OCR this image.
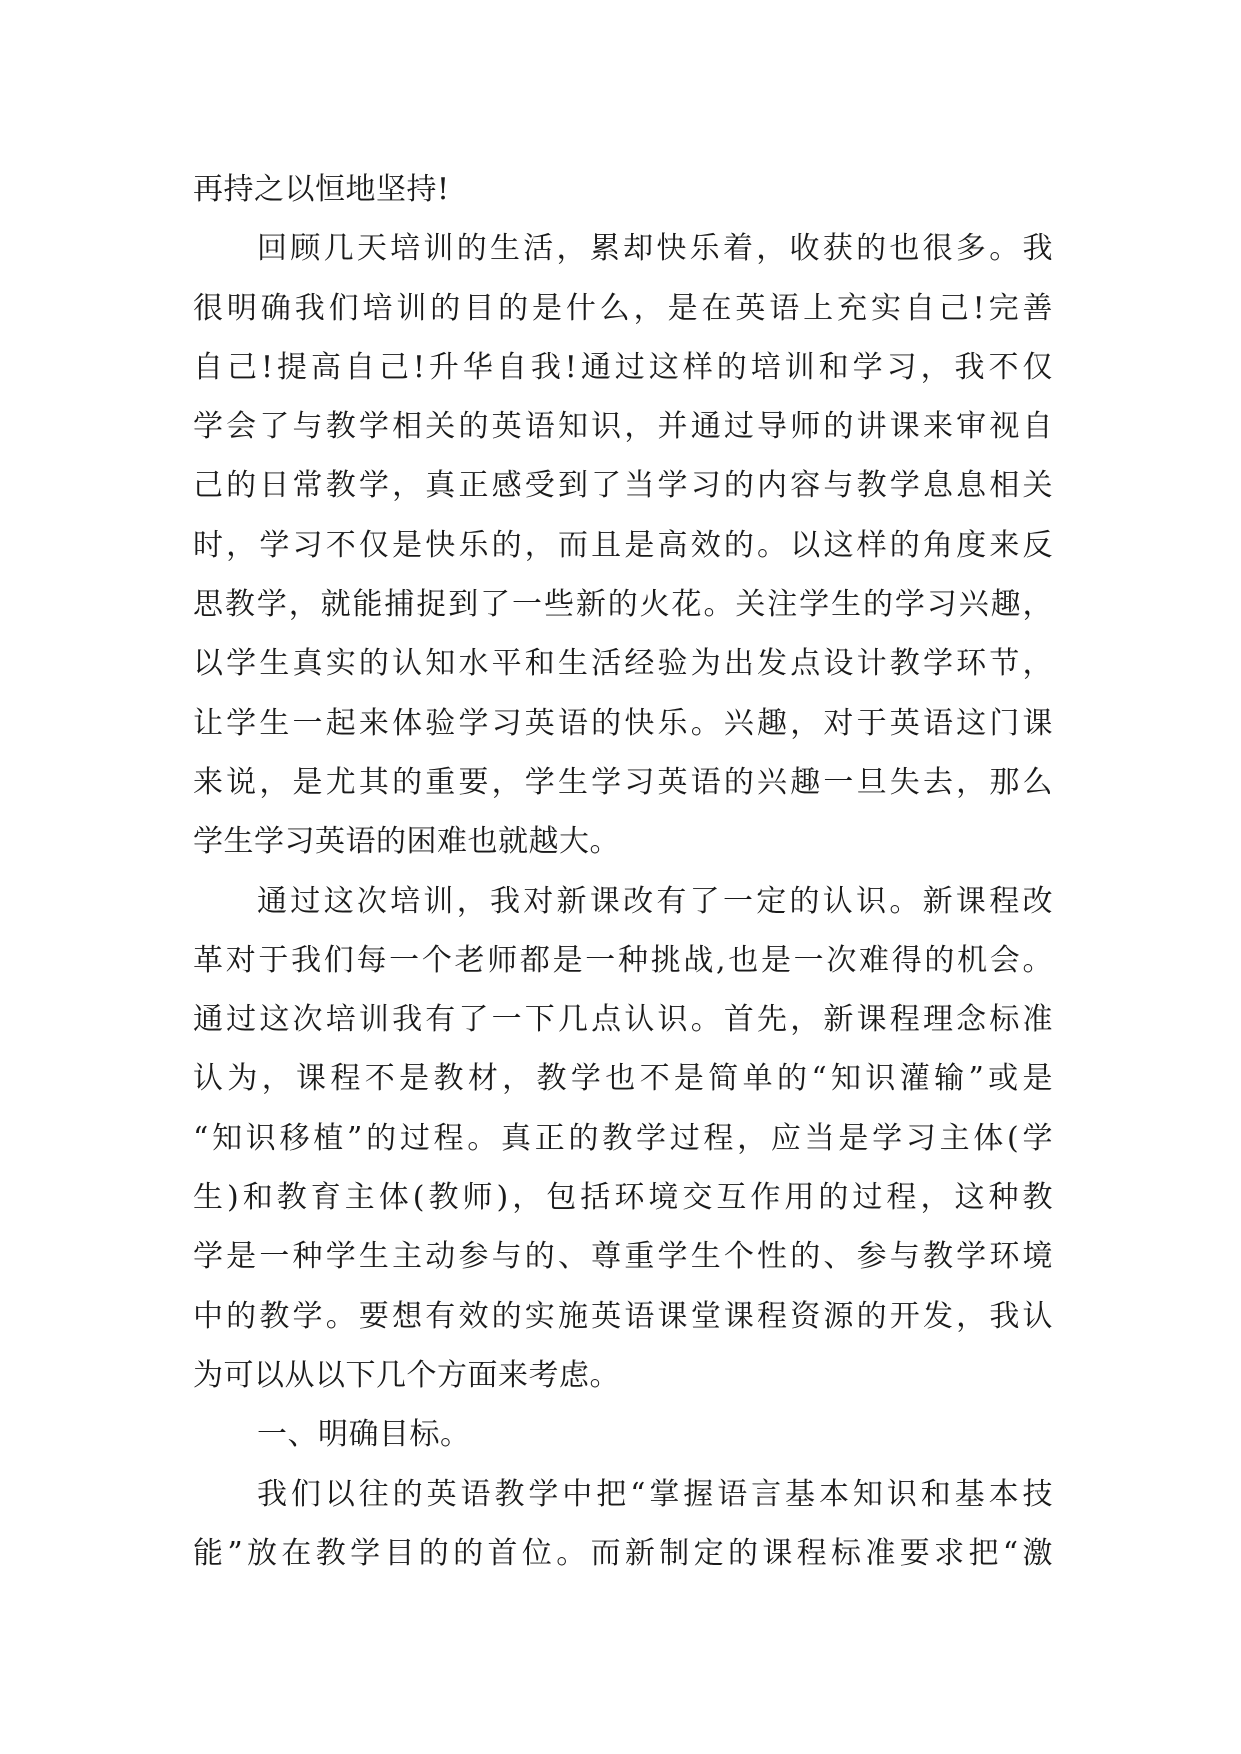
再持之以恒地坚持!
回顾几天培训的生活，累却快乐着，收获的也很多。我
很明确我们培训的目的是什么，是在英语上充实自己!完善
自己!提高自己!升华自我!通过这样的培训和学习，我不仅
学会了与教学相关的英语知识，并通过导师的讲课来审视自
己的日常教学，真正感受到了当学习的内容与教学息息相关
时，学习不仅是快乐的，而且是高效的。以这样的角度来反
思教学，就能捕捉到了一些新的火花。关注学生的学习兴趣，
以学生真实的认知水平和生活经验为出发点设计教学环节，
让学生一起来体验学习英语的快乐。兴趣，对于英语这门课
来说，是尤其的重要，学生学习英语的兴趣一旦失去，那么
学生学习英语的困难也就越大。
通过这次培训，我对新课改有了一定的认识。新课程改
革对于我们每一个老师都是一种挑战,也是一次难得的机会。
通过这次培训我有了一下几点认识。首先，新课程理念标准
认为，课程不是教材，教学也不是简单的“知识灌输”或是
“知识移植”的过程。真正的教学过程，应当是学习主体(学
生)和教育主体(教师)，包括环境交互作用的过程，这种教
学是一种学生主动参与的、尊重学生个性的、参与教学环境
中的教学。要想有效的实施英语课堂课程资源的开发，我认
为可以从以下几个方面来考虑。
一、明确目标。
我们以往的英语教学中把“掌握语言基本知识和基本技
能”放在教学目的的首位。而新制定的课程标准要求把“激
